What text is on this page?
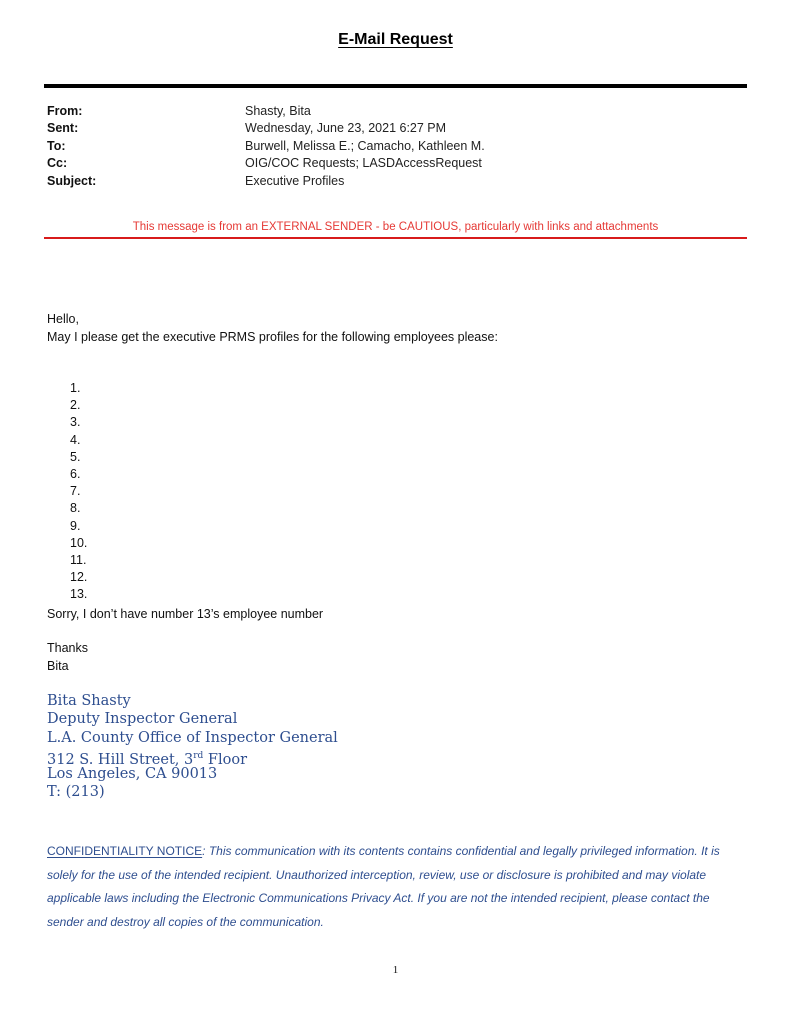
E-Mail Request
From:	Shasty, Bita
Sent:	Wednesday, June 23, 2021 6:27 PM
To:	Burwell, Melissa E.; Camacho, Kathleen M.
Cc:	OIG/COC Requests; LASDAccessRequest
Subject:	Executive Profiles
This message is from an EXTERNAL SENDER - be CAUTIOUS, particularly with links and attachments
Hello,
May I please get the executive PRMS profiles for the following employees please:
1.
2.
3.
4.
5.
6.
7.
8.
9.
10.
11.
12.
13.
Sorry, I don’t have number 13’s employee number
Thanks
Bita
Bita Shasty
Deputy Inspector General
L.A. County Office of Inspector General
312 S. Hill Street, 3rd Floor
Los Angeles, CA 90013
T: (213)
CONFIDENTIALITY NOTICE: This communication with its contents contains confidential and legally privileged information. It is solely for the use of the intended recipient. Unauthorized interception, review, use or disclosure is prohibited and may violate applicable laws including the Electronic Communications Privacy Act. If you are not the intended recipient, please contact the sender and destroy all copies of the communication.
1
